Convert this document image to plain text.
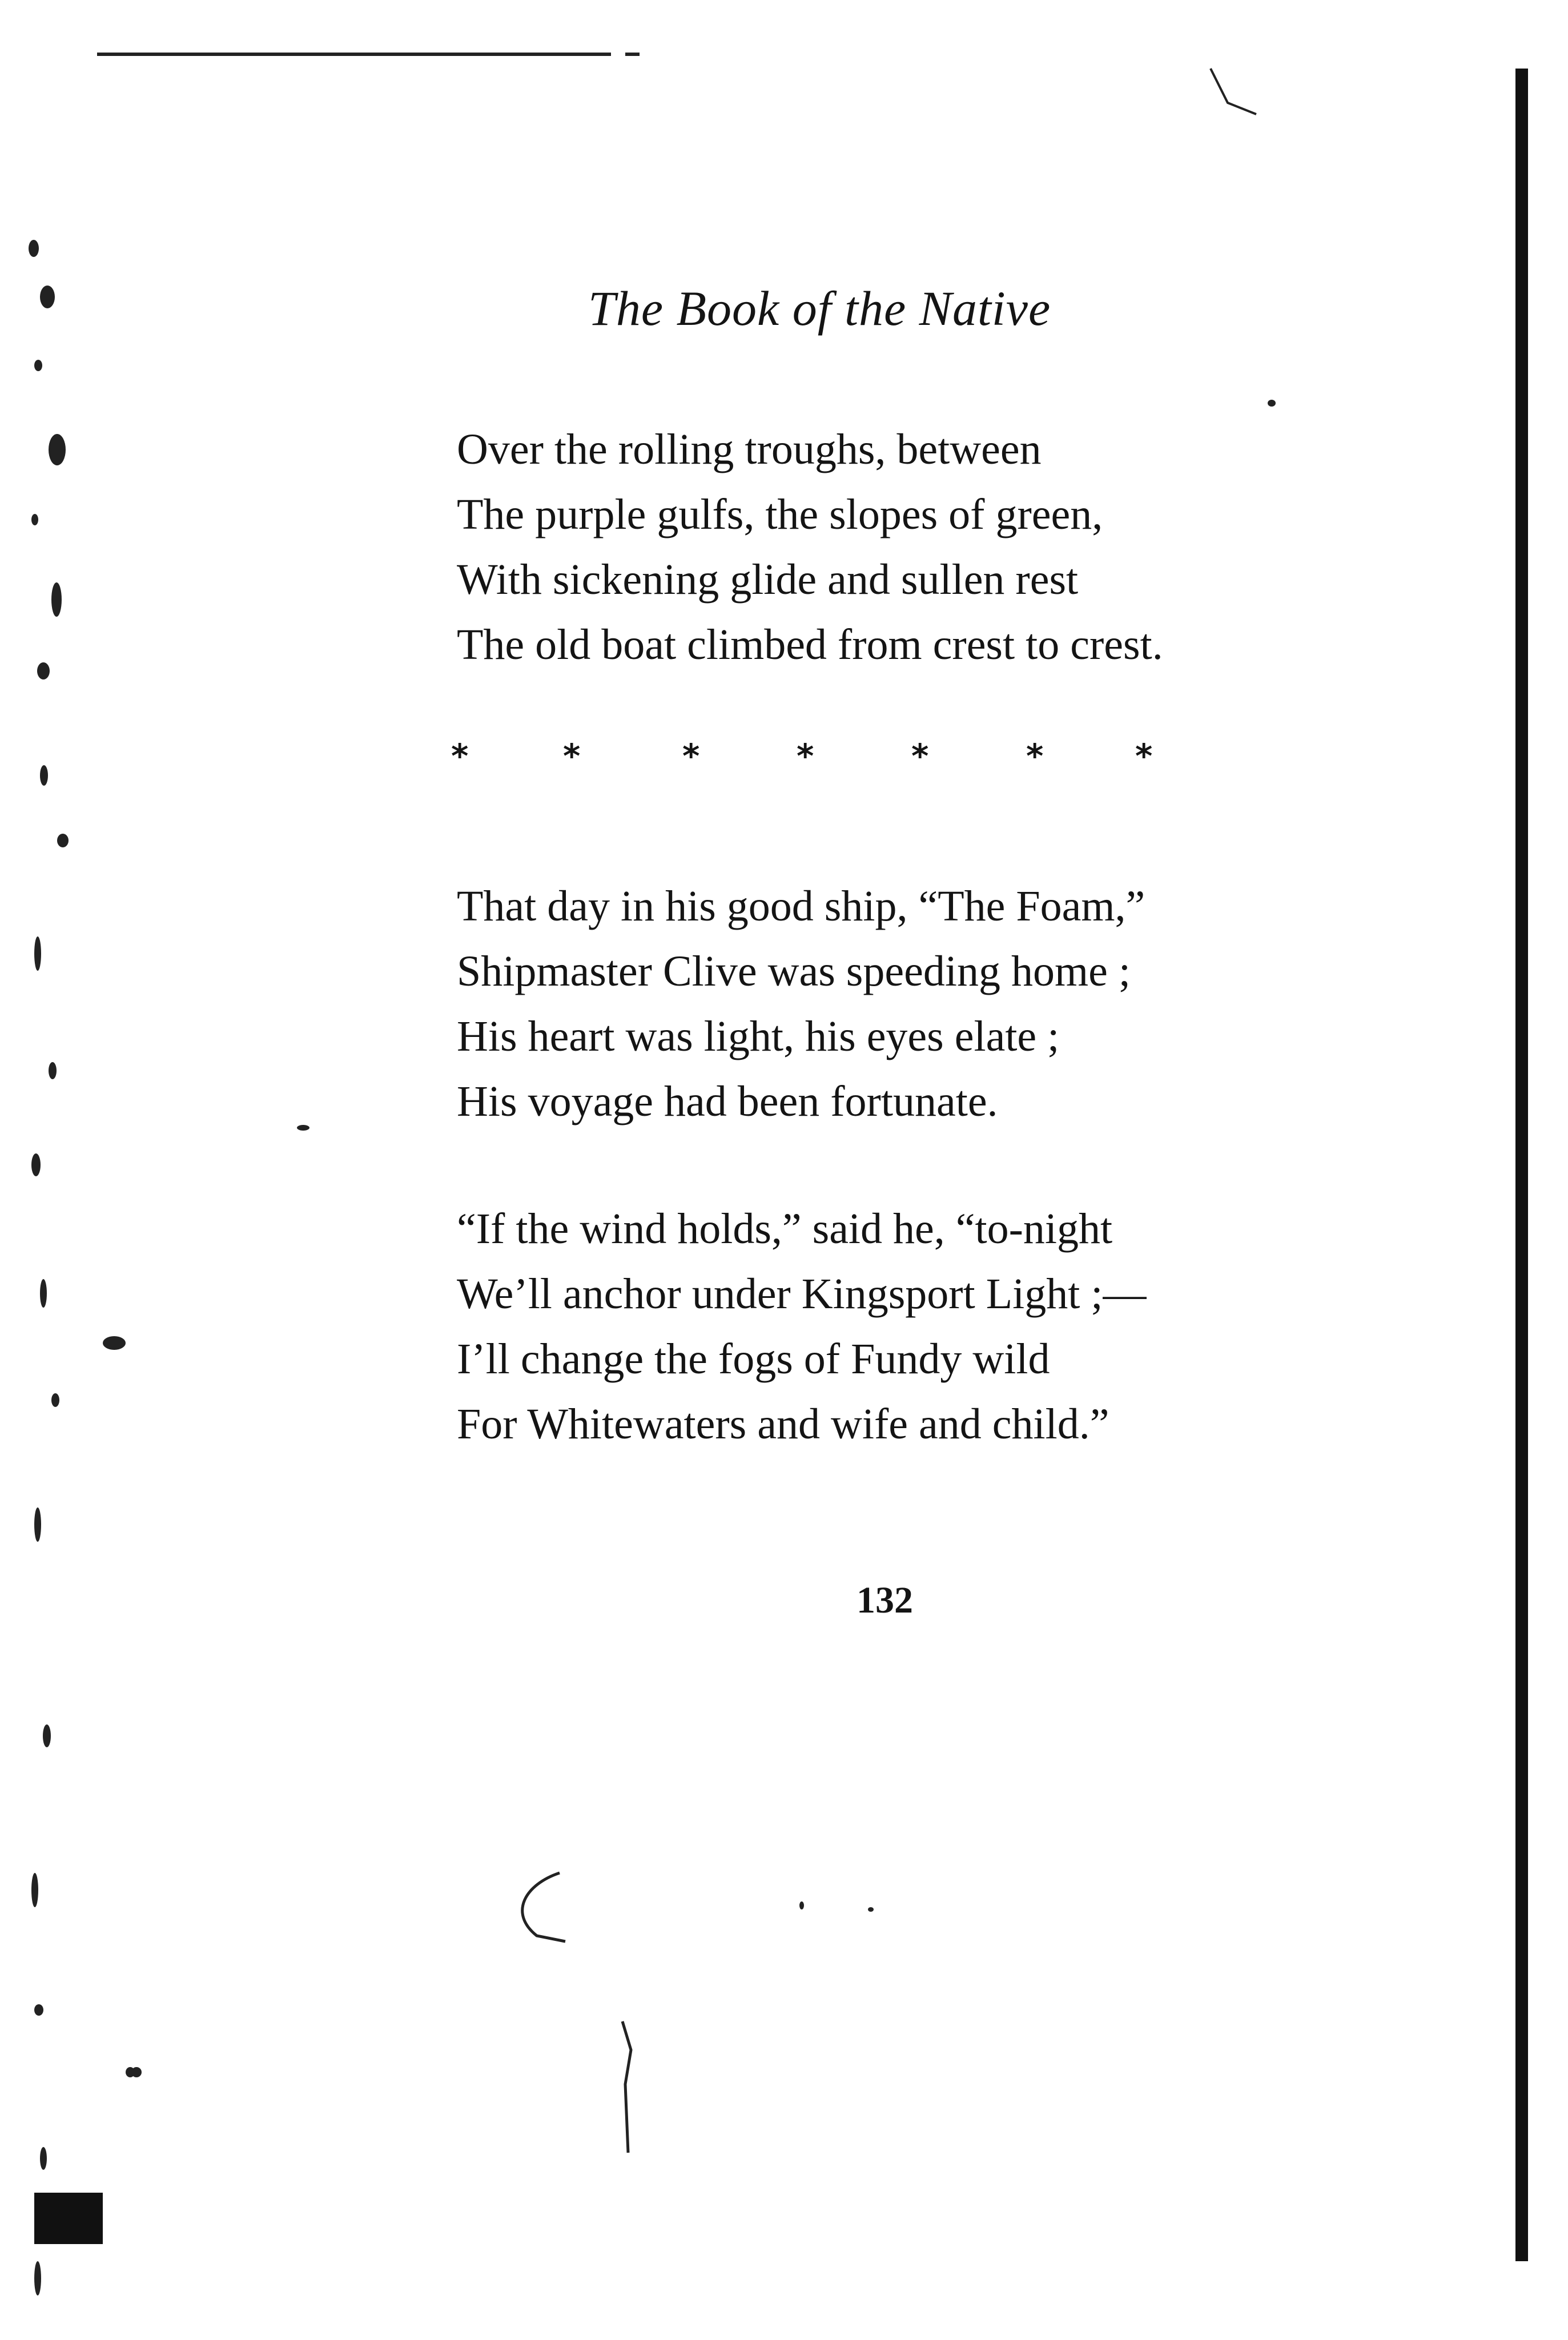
The Book of the Native
Over the rolling troughs, between
The purple gulfs, the slopes of green,
With sickening glide and sullen rest
The old boat climbed from crest to crest.
*	*	*	*	*	*	*
That day in his good ship, “The Foam,”
Shipmaster Clive was speeding home ;
His heart was light, his eyes elate ;
His voyage had been fortunate.
“If the wind holds,” said he, “to-night
We’ll anchor under Kingsport Light ;—
I’ll change the fogs of Fundy wild
For Whitewaters and wife and child.”
132
